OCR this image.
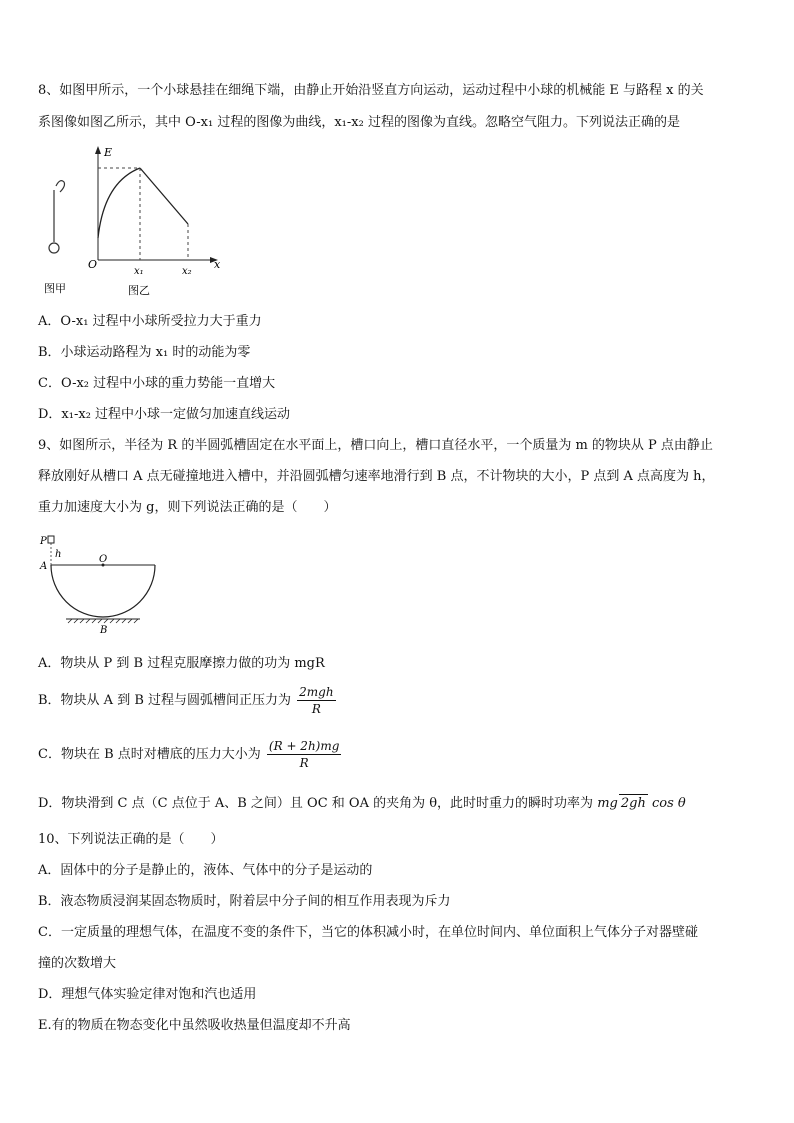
8、如图甲所示，一个小球悬挂在细绳下端，由静止开始沿竖直方向运动，运动过程中小球的机械能 E 与路程 x 的关
系图像如图乙所示，其中 O-x₁ 过程的图像为曲线，x₁-x₂ 过程的图像为直线。忽略空气阻力。下列说法正确的是
E
x
O
x₁	x₂
图甲	图乙
A．O-x₁ 过程中小球所受拉力大于重力
B．小球运动路程为 x₁ 时的动能为零
C．O-x₂ 过程中小球的重力势能一直增大
D．x₁-x₂ 过程中小球一定做匀加速直线运动
9、如图所示，半径为 R 的半圆弧槽固定在水平面上，槽口向上，槽口直径水平，一个质量为 m 的物块从 P 点由静止
释放刚好从槽口 A 点无碰撞地进入槽中，并沿圆弧槽匀速率地滑行到 B 点，不计物块的大小，P 点到 A 点高度为 h，
重力加速度大小为 g，则下列说法正确的是（　　）
P
h
A
O
B
A．物块从 P 到 B 过程克服摩擦力做的功为 mgR
B．物块从 A 到 B 过程与圆弧槽间正压力为 $\frac{\text{2mgh}}{R}$
C．物块在 B 点时对槽底的压力大小为 $\frac{(R + 2h)mg}{R}$
D．物块滑到 C 点（C 点位于 A、B 之间）且 OC 和 OA 的夹角为 θ，此时时重力的瞬时功率为 mg 2gh cos θ
10、下列说法正确的是（　　）
A．固体中的分子是静止的，液体、气体中的分子是运动的
B．液态物质浸润某固态物质时，附着层中分子间的相互作用表现为斥力
C．一定质量的理想气体，在温度不变的条件下，当它的体积减小时，在单位时间内、单位面积上气体分子对器壁碰
撞的次数增大
D．理想气体实验定律对饱和汽也适用
E.有的物质在物态变化中虽然吸收热量但温度却不升高
